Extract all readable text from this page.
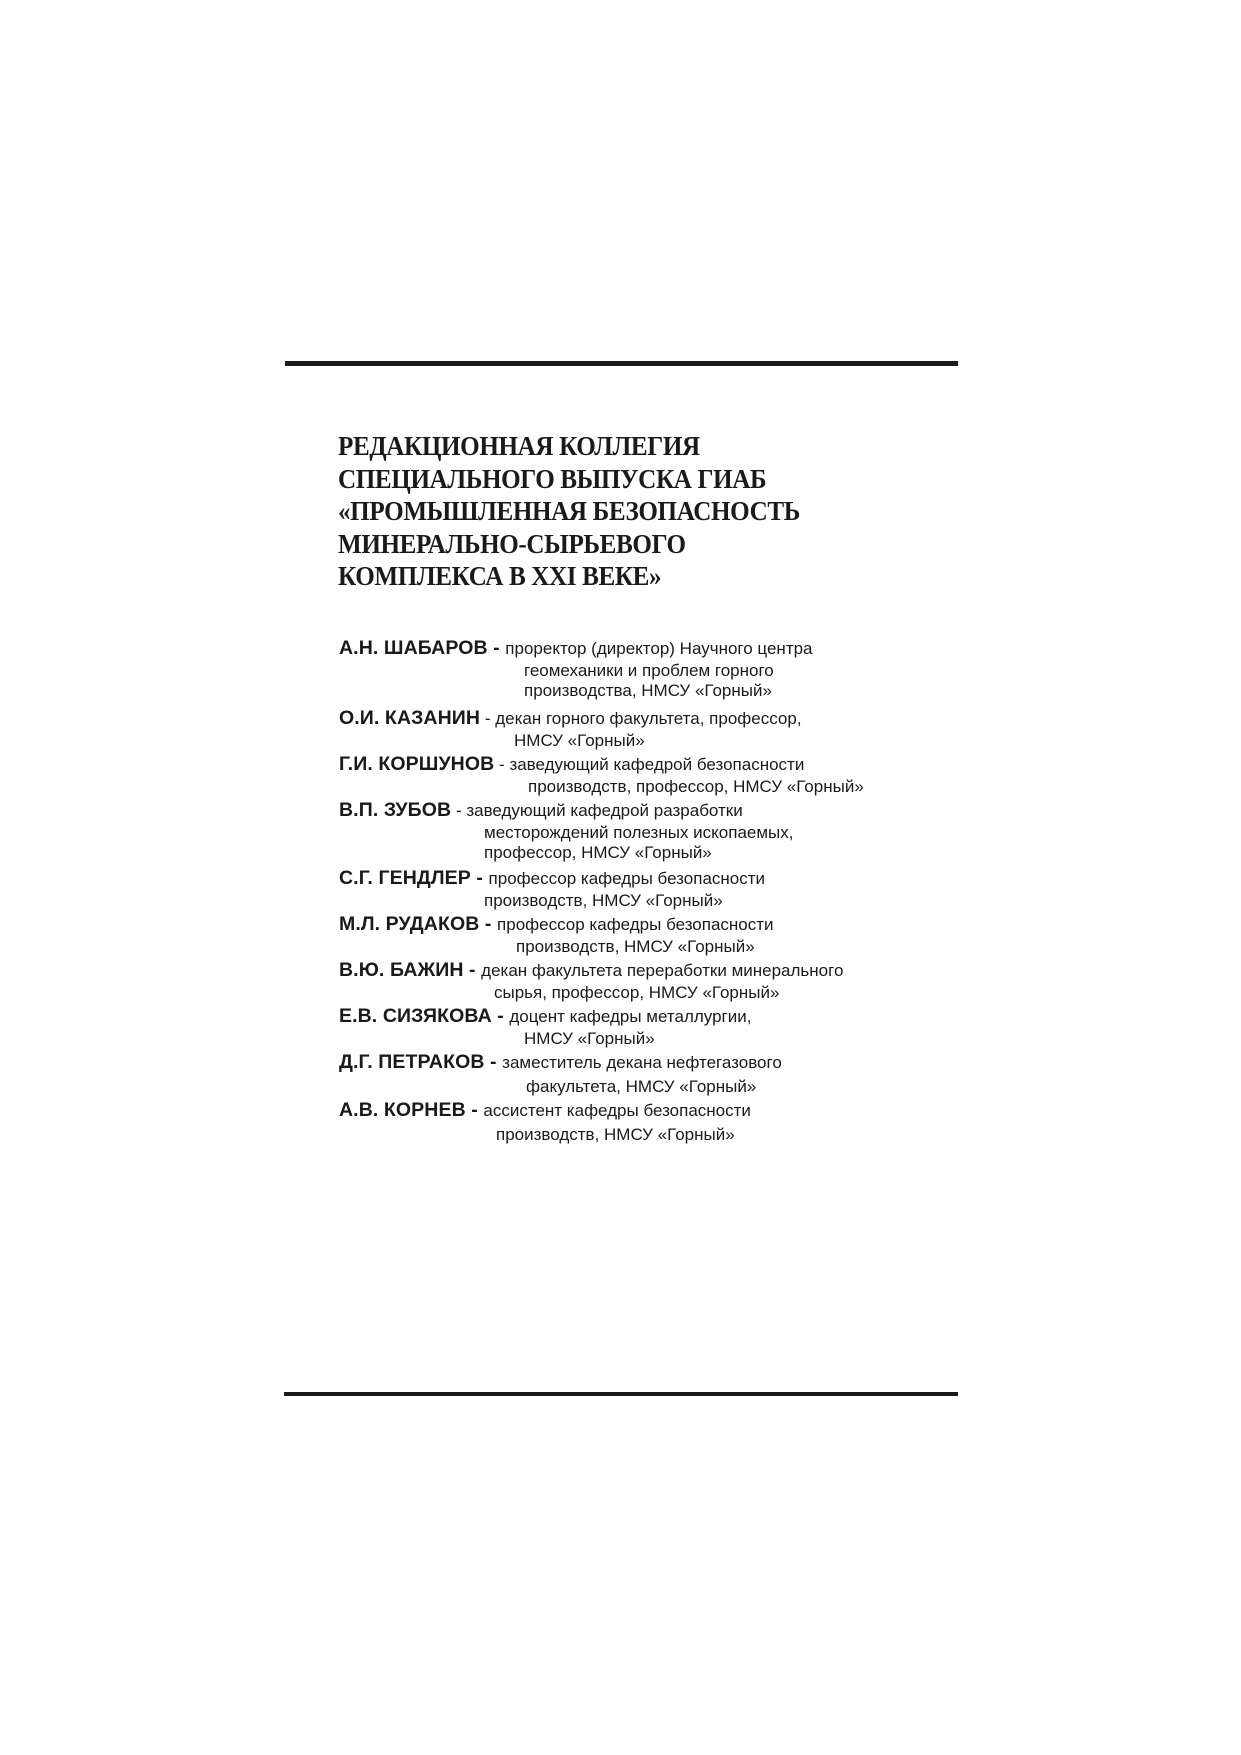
РЕДАКЦИОННАЯ КОЛЛЕГИЯ
СПЕЦИАЛЬНОГО ВЫПУСКА ГИАБ
«ПРОМЫШЛЕННАЯ БЕЗОПАСНОСТЬ
МИНЕРАЛЬНО-СЫРЬЕВОГО
КОМПЛЕКСА В XXI ВЕКЕ»
А.Н. ШАБАРОВ - проректор (директор) Научного центра
геомеханики и проблем горного
производства, НМСУ «Горный»
О.И. КАЗАНИН - декан горного факультета, профессор,
НМСУ «Горный»
Г.И. КОРШУНОВ - заведующий кафедрой безопасности
производств, профессор, НМСУ «Горный»
В.П. ЗУБОВ - заведующий кафедрой разработки
месторождений полезных ископаемых,
профессор, НМСУ «Горный»
С.Г. ГЕНДЛЕР - профессор кафедры безопасности
производств, НМСУ «Горный»
М.Л. РУДАКОВ - профессор кафедры безопасности
производств, НМСУ «Горный»
В.Ю. БАЖИН - декан факультета переработки минерального
сырья, профессор, НМСУ «Горный»
Е.В. СИЗЯКОВА - доцент кафедры металлургии,
НМСУ «Горный»
Д.Г. ПЕТРАКОВ - заместитель декана нефтегазового
факультета, НМСУ «Горный»
А.В. КОРНЕВ - ассистент кафедры безопасности
производств, НМСУ «Горный»
